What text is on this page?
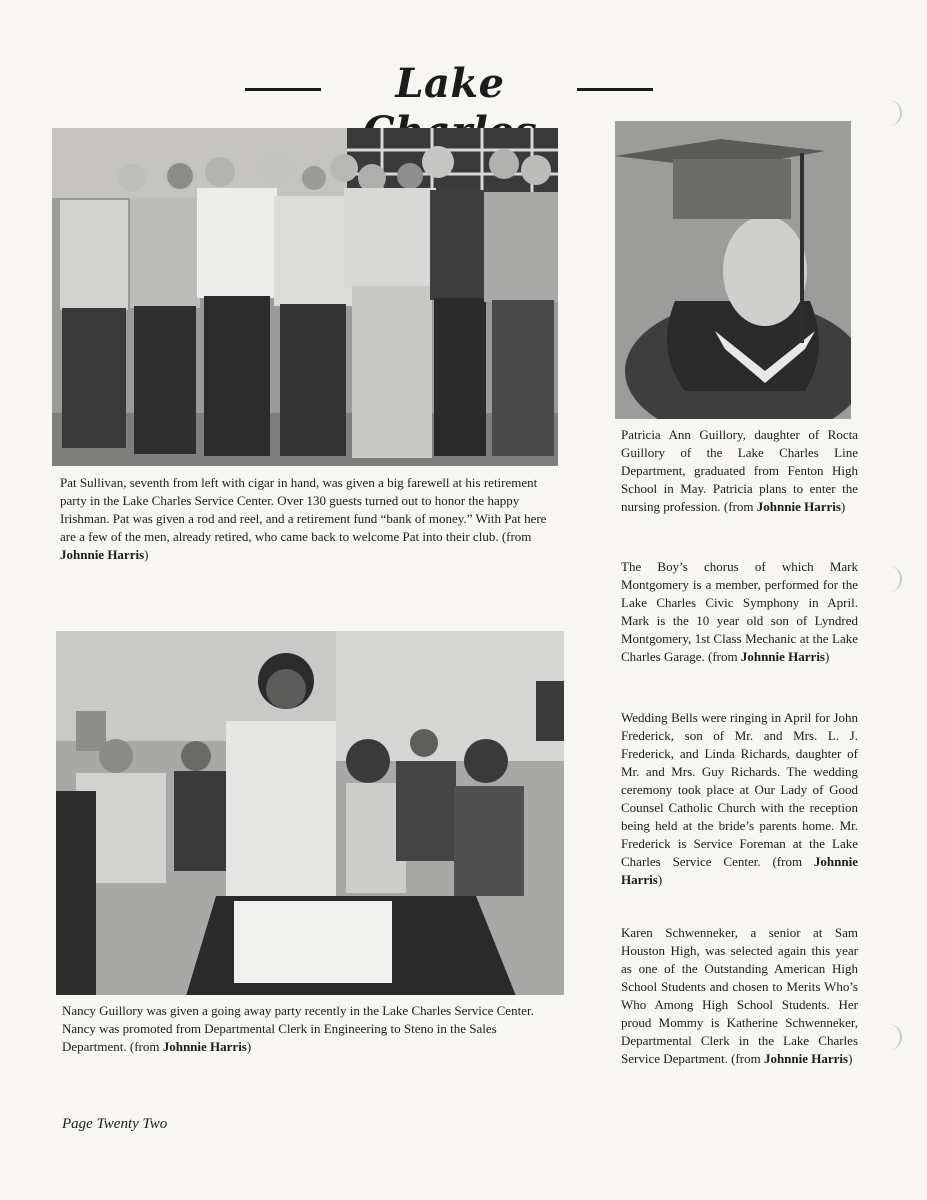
Lake
Pat Sullivan, seventh from left with cigar in hand, was given a big farewell at his retirement party in the Lake Charles Service Center. Over 130 guests turned out to honor the happy Irishman. Pat was given a rod and reel, and a retirement fund “bank of money.” With Pat here are a few of the men, already retired, who came back to welcome Pat into their club. (from Johnnie Harris)
Nancy Guillory was given a going away party recently in the Lake Charles Service Center. Nancy was promoted from Departmental Clerk in Engineering to Steno in the Sales Department. (from Johnnie Harris)

Patricia Ann Guillory, daughter of Rocta Guillory of the Lake Charles Line Department, graduated from Fenton High School in May. Patricia plans to enter the nursing profession. (from Johnnie Harris)

The Boy’s chorus of which Mark Montgomery is a member, performed for the Lake Charles Civic Symphony in April. Mark is the 10 year old son of Lyndred Montgomery, 1st Class Mechanic at the Lake Charles Garage. (from Johnnie Harris)

Wedding Bells were ringing in April for John Frederick, son of Mr. and Mrs. L. J. Frederick, and Linda Richards, daughter of Mr. and Mrs. Guy Richards. The wedding ceremony took place at Our Lady of Good Counsel Catholic Church with the reception being held at the bride’s parents home. Mr. Frederick is Service Foreman at the Lake Charles Service Center. (from Johnnie Harris)

Karen Schwenneker, a senior at Sam Houston High, was selected again this year as one of the Outstanding American High School Students and chosen to Merits Who’s Who Among High School Students. Her proud Mommy is Katherine Schwenneker, Departmental Clerk in the Lake Charles Service Department. (from Johnnie Harris)

Page Twenty Two
